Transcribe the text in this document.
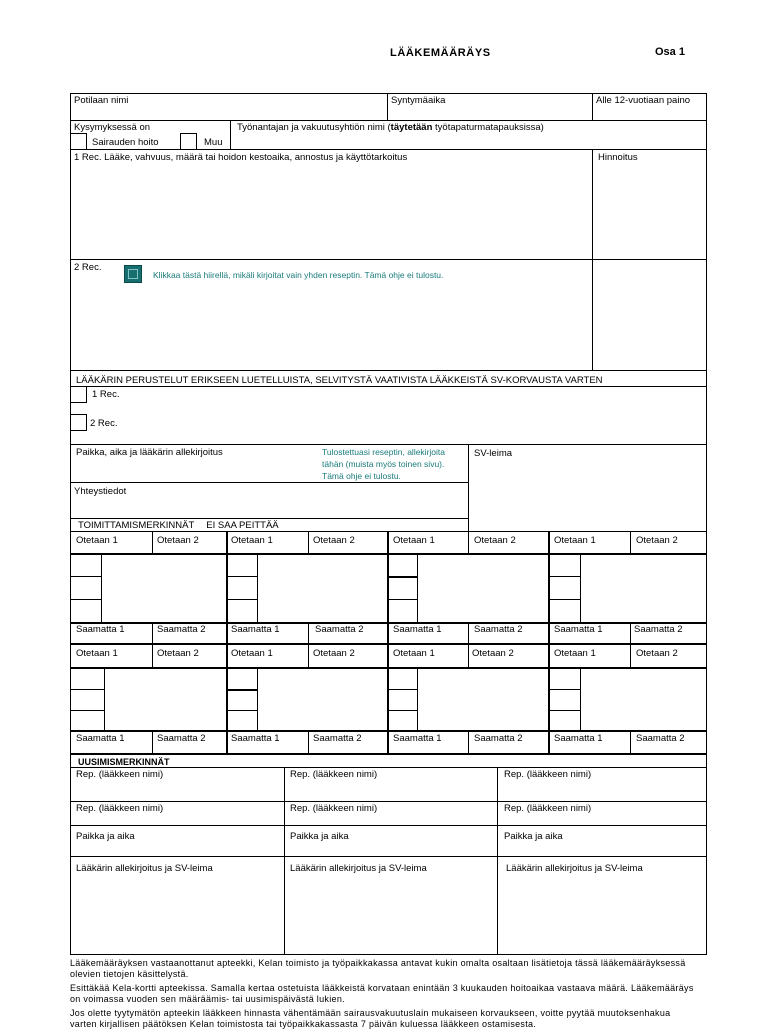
LÄÄKEMÄÄRÄYS	Osa 1
Potilaan nimi	Syntymäaika	Alle 12-vuotiaan paino
Kysymyksessä on
Sairauden hoito	Muu
Työnantajan ja vakuutusyhtiön nimi (täytetään työtapaturmatapauksissa)
1 Rec. Lääke, vahvuus, määrä tai hoidon kestoaika, annostus ja käyttötarkoitus	Hinnoitus
2 Rec.
Klikkaa tästä hiirellä, mikäli kirjoitat vain yhden reseptin. Tämä ohje ei tulostu.
LÄÄKÄRIN PERUSTELUT ERIKSEEN LUETELLUISTA, SELVITYSTÄ VAATIVISTA LÄÄKKEISTÄ SV-KORVAUSTA VARTEN
1 Rec.
2 Rec.
Paikka, aika ja lääkärin allekirjoitus	Tulostettuasi reseptin, allekirjoita
tähän (muista myös toinen sivu).
Tämä ohje ei tulostu.
SV-leima
Yhteystiedot
TOIMITTAMISMERKINNÄT EI SAA PEITTÄÄ
Otetaan 1	Otetaan 2	Otetaan 1	Otetaan 2	Otetaan 1	Otetaan 2	Otetaan 1	Otetaan 2
Saamatta 1	Saamatta 2	Saamatta 1	Saamatta 2	Saamatta 1	Saamatta 2	Saamatta 1	Saamatta 2
Otetaan 1	Otetaan 2	Otetaan 1	Otetaan 2	Otetaan 1	Otetaan 2	Otetaan 1	Otetaan 2
Saamatta 1	Saamatta 2	Saamatta 1	Saamatta 2	Saamatta 1	Saamatta 2	Saamatta 1	Saamatta 2
UUSIMISMERKINNÄT
Rep. (lääkkeen nimi)	Rep. (lääkkeen nimi)	Rep. (lääkkeen nimi)
Rep. (lääkkeen nimi)	Rep. (lääkkeen nimi)	Rep. (lääkkeen nimi)
Paikka ja aika	Paikka ja aika	Paikka ja aika
Lääkärin allekirjoitus ja SV-leima	Lääkärin allekirjoitus ja SV-leima	Lääkärin allekirjoitus ja SV-leima
Lääkemääräyksen vastaanottanut apteekki, Kelan toimisto ja työpaikkakassa antavat kukin omalta osaltaan lisätietoja tässä lääkemääräyksessä
olevien tietojen käsittelystä.
Esittäkää Kela-kortti apteekissa. Samalla kertaa ostetuista lääkkeistä korvataan enintään 3 kuukauden hoitoaikaa vastaava määrä. Lääkemääräys
on voimassa vuoden sen määräämis- tai uusimispäivästä lukien.
Jos olette tyytymätön apteekin lääkkeen hinnasta vähentämään sairausvakuutuslain mukaiseen korvaukseen, voitte pyytää muutoksenhakua
varten kirjallisen päätöksen Kelan toimistosta tai työpaikkakassasta 7 päivän kuluessa lääkkeen ostamisesta.
